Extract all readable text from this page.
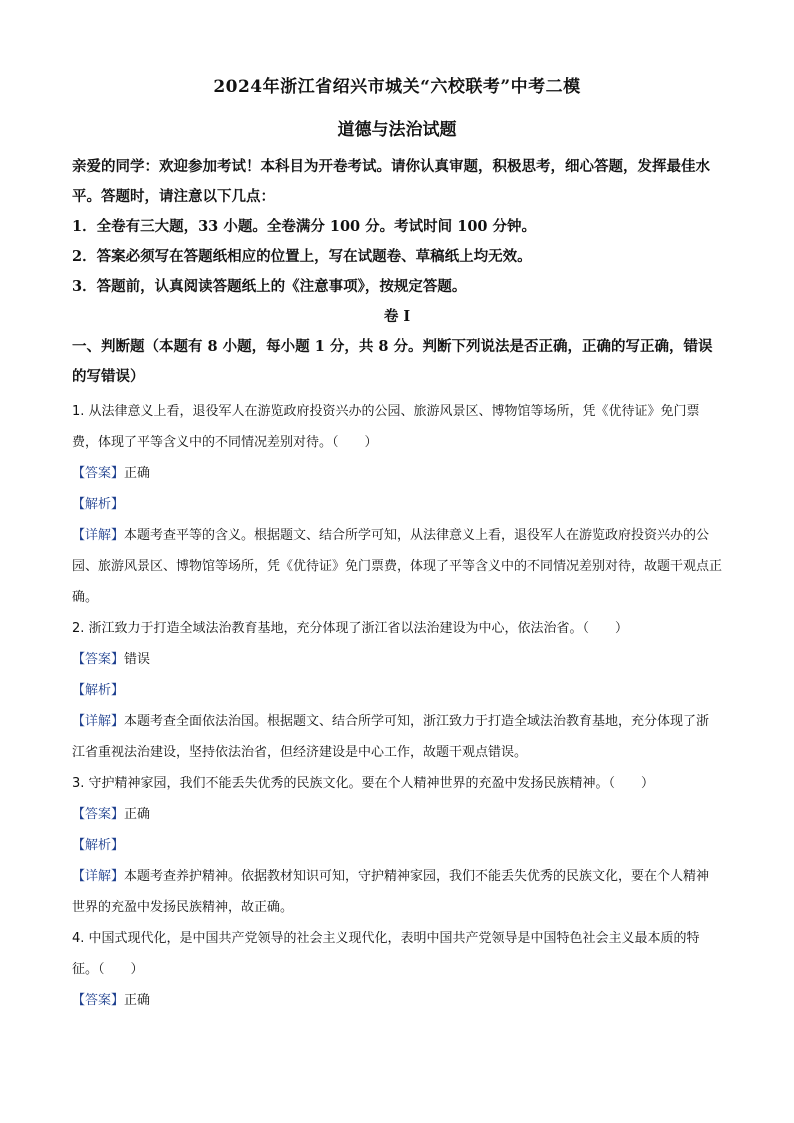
2024年浙江省绍兴市城关“六校联考”中考二模
道德与法治试题
亲爱的同学：欢迎参加考试！本科目为开卷考试。请你认真审题，积极思考，细心答题，发挥最佳水平。答题时，请注意以下几点：
1．全卷有三大题，33 小题。全卷满分 100 分。考试时间 100 分钟。
2．答案必须写在答题纸相应的位置上，写在试题卷、草稿纸上均无效。
3．答题前，认真阅读答题纸上的《注意事项》，按规定答题。
卷 I
一、判断题（本题有 8 小题，每小题 1 分，共 8 分。判断下列说法是否正确，正确的写正确，错误的写错误）
1. 从法律意义上看，退役军人在游览政府投资兴办的公园、旅游风景区、博物馆等场所，凭《优待证》免门票费，体现了平等含义中的不同情况差别对待。（　　）
【答案】正确
【解析】
【详解】本题考查平等的含义。根据题文、结合所学可知，从法律意义上看，退役军人在游览政府投资兴办的公园、旅游风景区、博物馆等场所，凭《优待证》免门票费，体现了平等含义中的不同情况差别对待，故题干观点正确。
2. 浙江致力于打造全域法治教育基地，充分体现了浙江省以法治建设为中心，依法治省。（　　）
【答案】错误
【解析】
【详解】本题考查全面依法治国。根据题文、结合所学可知，浙江致力于打造全域法治教育基地，充分体现了浙江省重视法治建设，坚持依法治省，但经济建设是中心工作，故题干观点错误。
3. 守护精神家园，我们不能丢失优秀的民族文化。要在个人精神世界的充盈中发扬民族精神。（　　）
【答案】正确
【解析】
【详解】本题考查养护精神。依据教材知识可知，守护精神家园，我们不能丢失优秀的民族文化，要在个人精神世界的充盈中发扬民族精神，故正确。
4. 中国式现代化，是中国共产党领导的社会主义现代化，表明中国共产党领导是中国特色社会主义最本质的特征。（　　）
【答案】正确
